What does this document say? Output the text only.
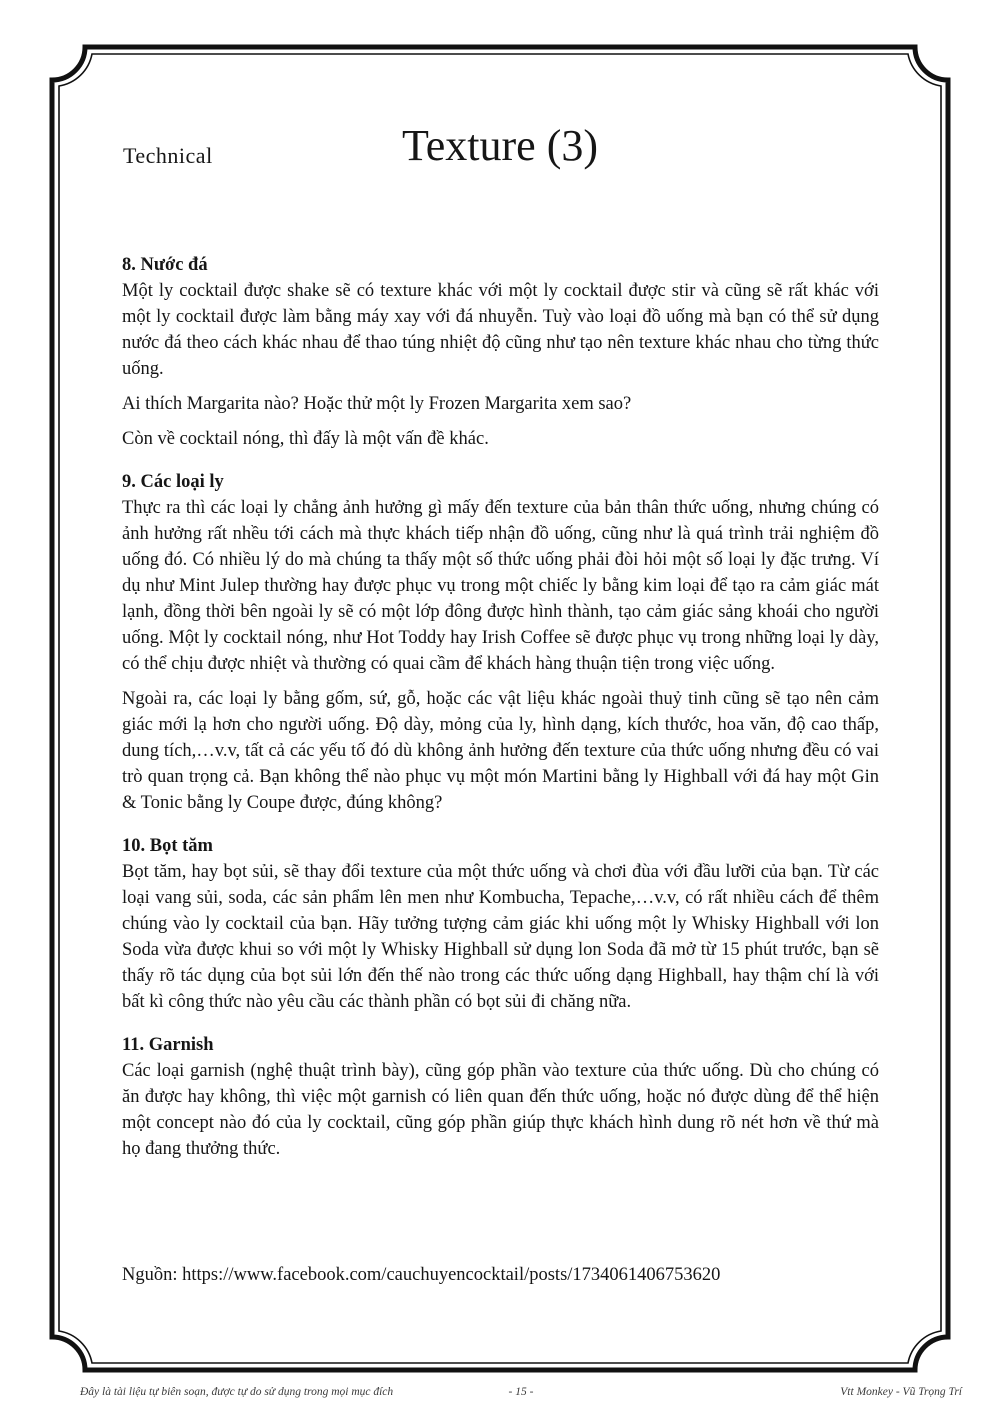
Technical	Texture (3)
8. Nước đá

Một ly cocktail được shake sẽ có texture khác với một ly cocktail được stir và cũng sẽ rất khác với một ly cocktail được làm bằng máy xay với đá nhuyễn. Tuỳ vào loại đồ uống mà bạn có thể sử dụng nước đá theo cách khác nhau để thao túng nhiệt độ cũng như tạo nên texture khác nhau cho từng thức uống.

Ai thích Margarita nào? Hoặc thử một ly Frozen Margarita xem sao?

Còn về cocktail nóng, thì đấy là một vấn đề khác.

9. Các loại ly

Thực ra thì các loại ly chẳng ảnh hưởng gì mấy đến texture của bản thân thức uống, nhưng chúng có ảnh hưởng rất nhều tới cách mà thực khách tiếp nhận đồ uống, cũng như là quá trình trải nghiệm đồ uống đó. Có nhiều lý do mà chúng ta thấy một số thức uống phải đòi hỏi một số loại ly đặc trưng. Ví dụ như Mint Julep thường hay được phục vụ trong một chiếc ly bằng kim loại để tạo ra cảm giác mát lạnh, đồng thời bên ngoài ly sẽ có một lớp đông được hình thành, tạo cảm giác sảng khoái cho người uống. Một ly cocktail nóng, như Hot Toddy hay Irish Coffee sẽ được phục vụ trong những loại ly dày, có thể chịu được nhiệt và thường có quai cầm để khách hàng thuận tiện trong việc uống.

Ngoài ra, các loại ly bằng gốm, sứ, gỗ, hoặc các vật liệu khác ngoài thuỷ tinh cũng sẽ tạo nên cảm giác mới lạ hơn cho người uống. Độ dày, mỏng của ly, hình dạng, kích thước, hoa văn, độ cao thấp, dung tích,…v.v, tất cả các yếu tố đó dù không ảnh hưởng đến texture của thức uống nhưng đều có vai trò quan trọng cả. Bạn không thể nào phục vụ một món Martini bằng ly Highball với đá hay một Gin & Tonic bằng ly Coupe được, đúng không?

10. Bọt tăm

Bọt tăm, hay bọt sủi, sẽ thay đổi texture của một thức uống và chơi đùa với đầu lưỡi của bạn. Từ các loại vang sủi, soda, các sản phẩm lên men như Kombucha, Tepache,…v.v, có rất nhiều cách để thêm chúng vào ly cocktail của bạn. Hãy tưởng tượng cảm giác khi uống một ly Whisky Highball với lon Soda vừa được khui so với một ly Whisky Highball sử dụng lon Soda đã mở từ 15 phút trước, bạn sẽ thấy rõ tác dụng của bọt sủi lớn đến thế nào trong các thức uống dạng Highball, hay thậm chí là với bất kì công thức nào yêu cầu các thành phần có bọt sủi đi chăng nữa.

11. Garnish

Các loại garnish (nghệ thuật trình bày), cũng góp phần vào texture của thức uống. Dù cho chúng có ăn được hay không, thì việc một garnish có liên quan đến thức uống, hoặc nó được dùng để thể hiện một concept nào đó của ly cocktail, cũng góp phần giúp thực khách hình dung rõ nét hơn về thứ mà họ đang thưởng thức.

Nguồn: https://www.facebook.com/cauchuyencocktail/posts/1734061406753620
Đây là tài liệu tự biên soạn, được tự do sử dụng trong mọi mục đích	- 15 -	Vtt Monkey - Vũ Trọng Trí
